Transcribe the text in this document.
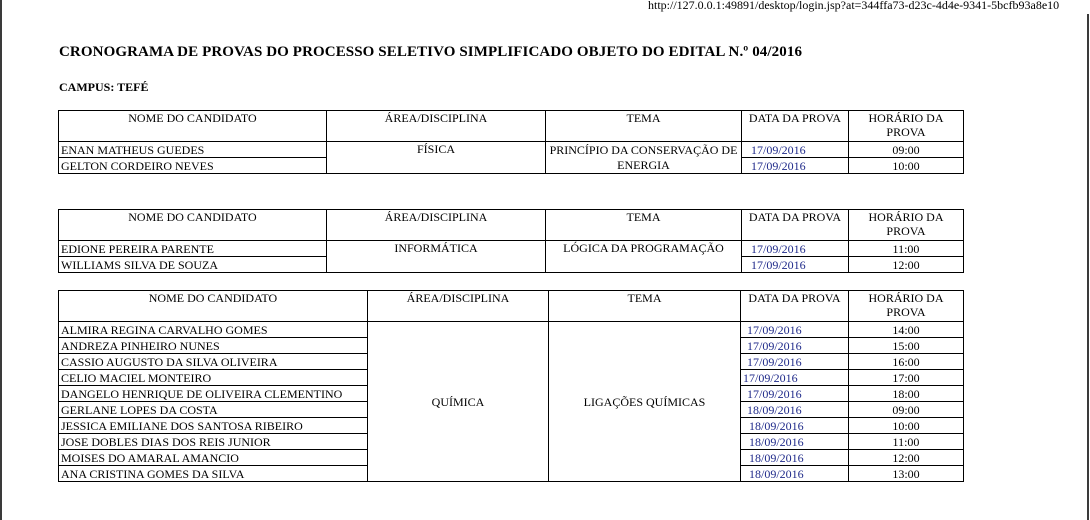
http://127.0.0.1:49891/desktop/login.jsp?at=344ffa73-d23c-4d4e-9341-5bcfb93a8e10
CRONOGRAMA DE PROVAS DO PROCESSO SELETIVO SIMPLIFICADO OBJETO DO EDITAL N.º 04/2016
CAMPUS: TEFÉ
NOME DO CANDIDATO	ÁREA/DISCIPLINA	TEMA	DATA DA PROVA	HORÁRIO DA PROVA
ENAN MATHEUS GUEDES	FÍSICA	PRINCÍPIO DA CONSERVAÇÃO DE ENERGIA	17/09/2016	09:00
GELTON CORDEIRO NEVES			17/09/2016	10:00
NOME DO CANDIDATO	ÁREA/DISCIPLINA	TEMA	DATA DA PROVA	HORÁRIO DA PROVA
EDIONE PEREIRA PARENTE	INFORMÁTICA	LÓGICA DA PROGRAMAÇÃO	17/09/2016	11:00
WILLIAMS SILVA DE SOUZA			17/09/2016	12:00
NOME DO CANDIDATO	ÁREA/DISCIPLINA	TEMA	DATA DA PROVA	HORÁRIO DA PROVA
ALMIRA REGINA CARVALHO GOMES	QUÍMICA	LIGAÇÕES QUÍMICAS	17/09/2016	14:00
ANDREZA PINHEIRO NUNES			17/09/2016	15:00
CASSIO AUGUSTO DA SILVA OLIVEIRA			17/09/2016	16:00
CELIO MACIEL MONTEIRO			17/09/2016	17:00
DANGELO HENRIQUE DE OLIVEIRA CLEMENTINO			17/09/2016	18:00
GERLANE LOPES DA COSTA			18/09/2016	09:00
JESSICA EMILIANE DOS SANTOSA RIBEIRO			18/09/2016	10:00
JOSE DOBLES DIAS DOS REIS JUNIOR			18/09/2016	11:00
MOISES DO AMARAL AMANCIO			18/09/2016	12:00
ANA CRISTINA GOMES DA SILVA			18/09/2016	13:00
